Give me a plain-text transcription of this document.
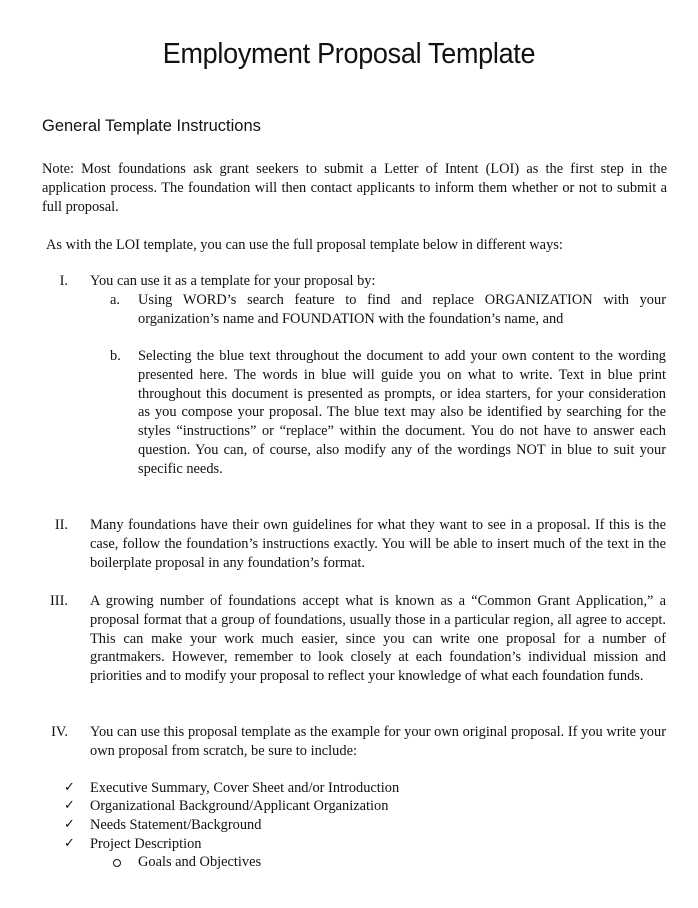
Employment Proposal Template
General Template Instructions
Note: Most foundations ask grant seekers to submit a Letter of Intent (LOI) as the first step in the application process. The foundation will then contact applicants to inform them whether or not to submit a full proposal.
As with the LOI template, you can use the full proposal template below in different ways:
I. You can use it as a template for your proposal by:
a.	Using WORD’s search feature to find and replace ORGANIZATION with your organization’s name and FOUNDATION with the foundation’s name, and
b.	Selecting the blue text throughout the document to add your own content to the wording presented here. The words in blue will guide you on what to write. Text in blue print throughout this document is presented as prompts, or idea starters, for your consideration as you compose your proposal. The blue text may also be identified by searching for the styles “instructions” or “replace” within the document. You do not have to answer each question. You can, of course, also modify any of the wordings NOT in blue to suit your specific needs.
II. Many foundations have their own guidelines for what they want to see in a proposal. If this is the case, follow the foundation’s instructions exactly. You will be able to insert much of the text in the boilerplate proposal in any foundation’s format.
III. A growing number of foundations accept what is known as a “Common Grant Application,” a proposal format that a group of foundations, usually those in a particular region, all agree to accept. This can make your work much easier, since you can write one proposal for a number of grantmakers. However, remember to look closely at each foundation’s individual mission and priorities and to modify your proposal to reflect your knowledge of what each foundation funds.
IV. You can use this proposal template as the example for your own original proposal. If you write your own proposal from scratch, be sure to include:
✓	Executive Summary, Cover Sheet and/or Introduction
✓	Organizational Background/Applicant Organization
✓	Needs Statement/Background
✓	Project Description
Goals and Objectives
